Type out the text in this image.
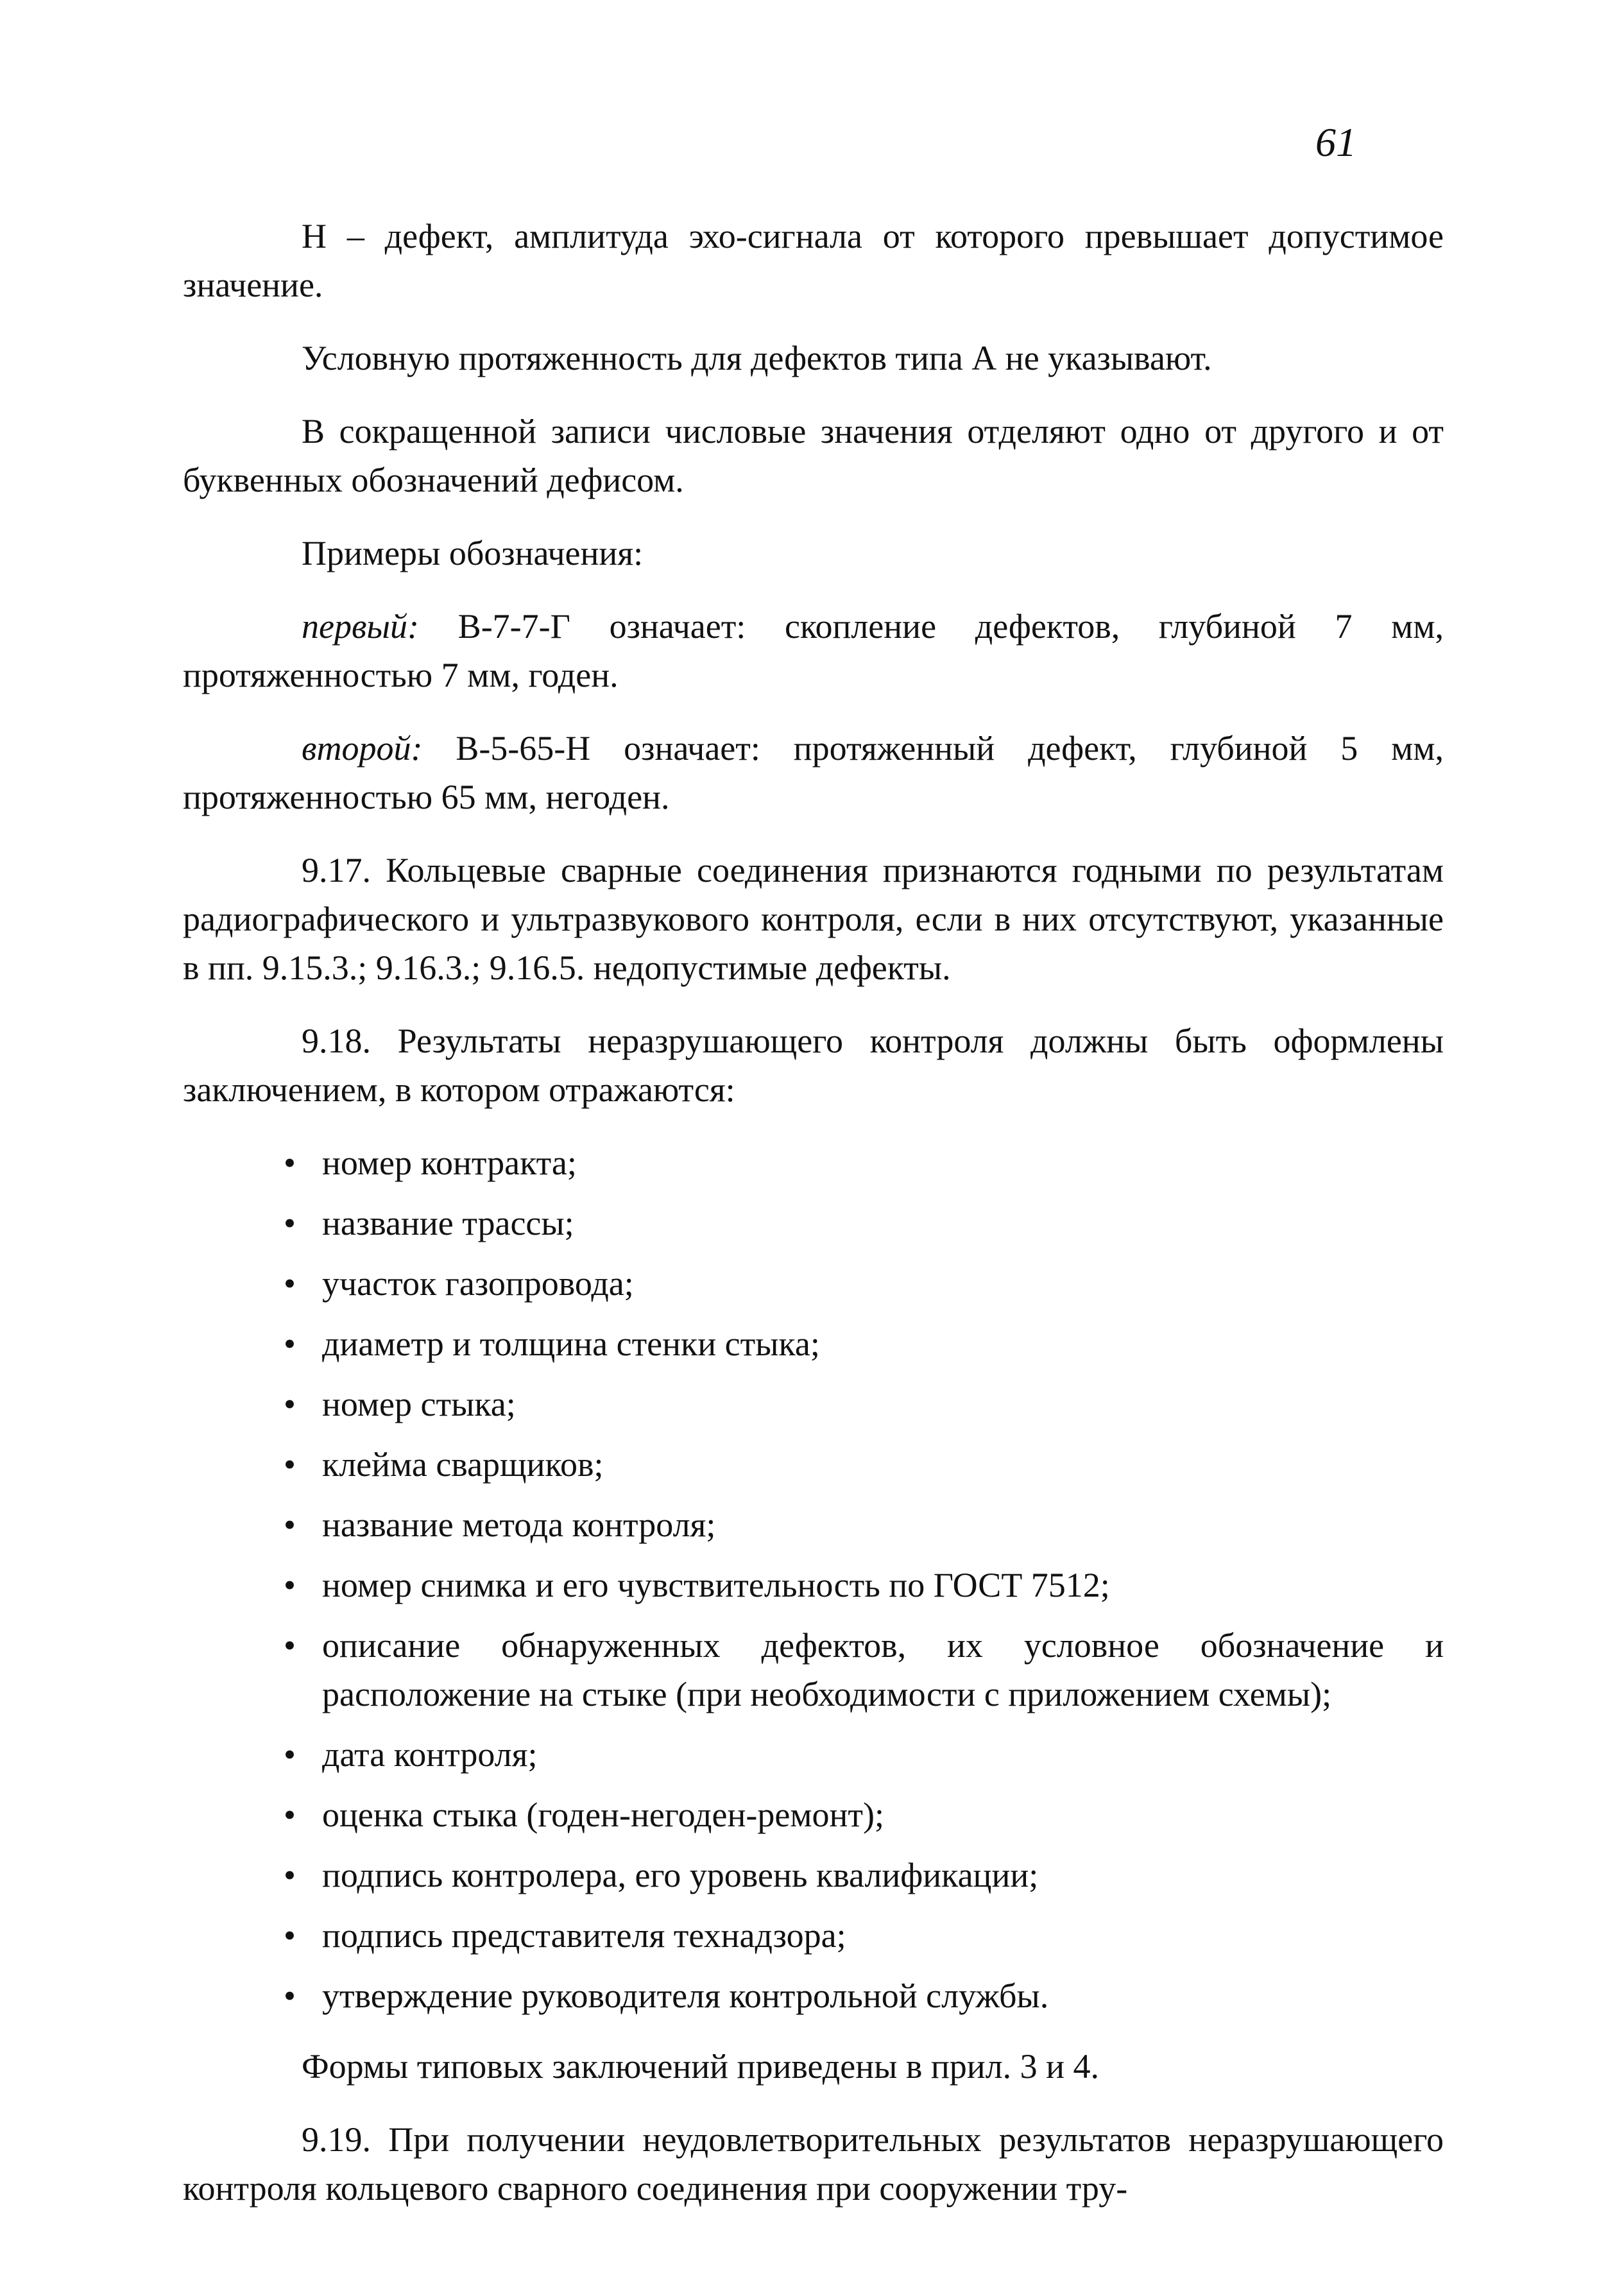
61

Н – дефект, амплитуда эхо-сигнала от которого превышает допустимое значение.

Условную протяженность для дефектов типа А не указывают.

В сокращенной записи числовые значения отделяют одно от другого и от буквенных обозначений дефисом.

Примеры обозначения:

первый: В-7-7-Г означает: скопление дефектов, глубиной 7 мм, протяженностью 7 мм, годен.

второй: В-5-65-Н означает: протяженный дефект, глубиной 5 мм, протяженностью 65 мм, негоден.

9.17. Кольцевые сварные соединения признаются годными по результатам радиографического и ультразвукового контроля, если в них отсутствуют, указанные в пп. 9.15.3.; 9.16.3.; 9.16.5. недопустимые дефекты.

9.18. Результаты неразрушающего контроля должны быть оформлены заключением, в котором отражаются:

• номер контракта;
• название трассы;
• участок газопровода;
• диаметр и толщина стенки стыка;
• номер стыка;
• клейма сварщиков;
• название метода контроля;
• номер снимка и его чувствительность по ГОСТ 7512;
• описание обнаруженных дефектов, их условное обозначение и расположение на стыке (при необходимости с приложением схемы);
• дата контроля;
• оценка стыка (годен-негоден-ремонт);
• подпись контролера, его уровень квалификации;
• подпись представителя технадзора;
• утверждение руководителя контрольной службы.

Формы типовых заключений приведены в прил. 3 и 4.

9.19. При получении неудовлетворительных результатов неразрушающего контроля кольцевого сварного соединения при сооружении тру-
